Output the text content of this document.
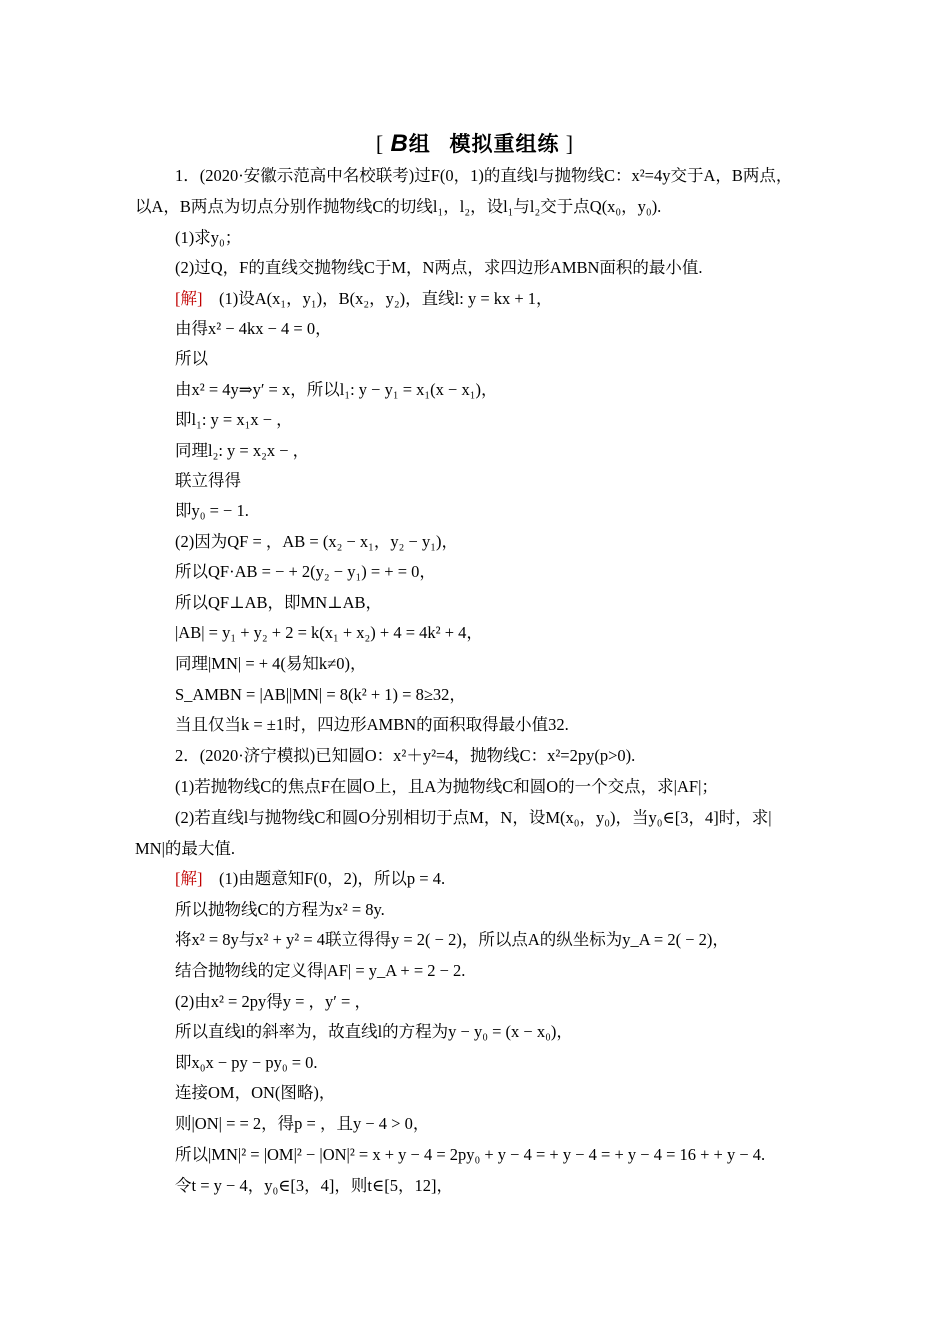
[ B组 模拟重组练 ]
1．(2020·安徽示范高中名校联考)过F(0，1)的直线l与抛物线C：x²=4y交于A，B两点，
以A，B两点为切点分别作抛物线C的切线l₁，l₂，设l₁与l₂交于点Q(x₀，y₀).
(1)求y₀；
(2)过Q，F的直线交抛物线C于M，N两点，求四边形AMBN面积的最小值.
[解]　(1)设A(x₁，y₁)，B(x₂，y₂)，直线l: y = kx + 1，
由得x² − 4kx − 4 = 0，
所以
由x² = 4y⇒y′ = x，所以l₁: y − y₁ = x₁(x − x₁)，
即l₁: y = x₁x − ，
同理l₂: y = x₂x − ，
联立得得
即y₀ = − 1.
(2)因为QF = ，AB = (x₂ − x₁，y₂ − y₁)，
所以QF·AB = − + 2(y₂ − y₁) = + = 0，
所以QF⊥AB，即MN⊥AB，
|AB| = y₁ + y₂ + 2 = k(x₁ + x₂) + 4 = 4k² + 4，
同理|MN| = + 4(易知k≠0)，
S_AMBN = |AB||MN| = 8(k² + 1) = 8≥32，
当且仅当k = ±1时，四边形AMBN的面积取得最小值32.
2．(2020·济宁模拟)已知圆O：x²＋y²=4，抛物线C：x²=2py(p>0).
(1)若抛物线C的焦点F在圆O上，且A为抛物线C和圆O的一个交点，求|AF|；
(2)若直线l与抛物线C和圆O分别相切于点M，N，设M(x₀，y₀)，当y₀∈[3，4]时，求|
MN|的最大值.
[解]　(1)由题意知F(0，2)，所以p = 4.
所以抛物线C的方程为x² = 8y.
将x² = 8y与x² + y² = 4联立得得y = 2( − 2)，所以点A的纵坐标为y_A = 2( − 2)，
结合抛物线的定义得|AF| = y_A + = 2 − 2.
(2)由x² = 2py得y = ，y′ = ，
所以直线l的斜率为，故直线l的方程为y − y₀ = (x − x₀)，
即x₀x − py − py₀ = 0.
连接OM，ON(图略)，
则|ON| = = 2，得p = ，且y − 4 > 0，
所以|MN|² = |OM|² − |ON|² = x + y − 4 = 2py₀ + y − 4 = + y − 4 = + y − 4 = 16 + + y − 4.
令t = y − 4，y₀∈[3，4]，则t∈[5，12]，
